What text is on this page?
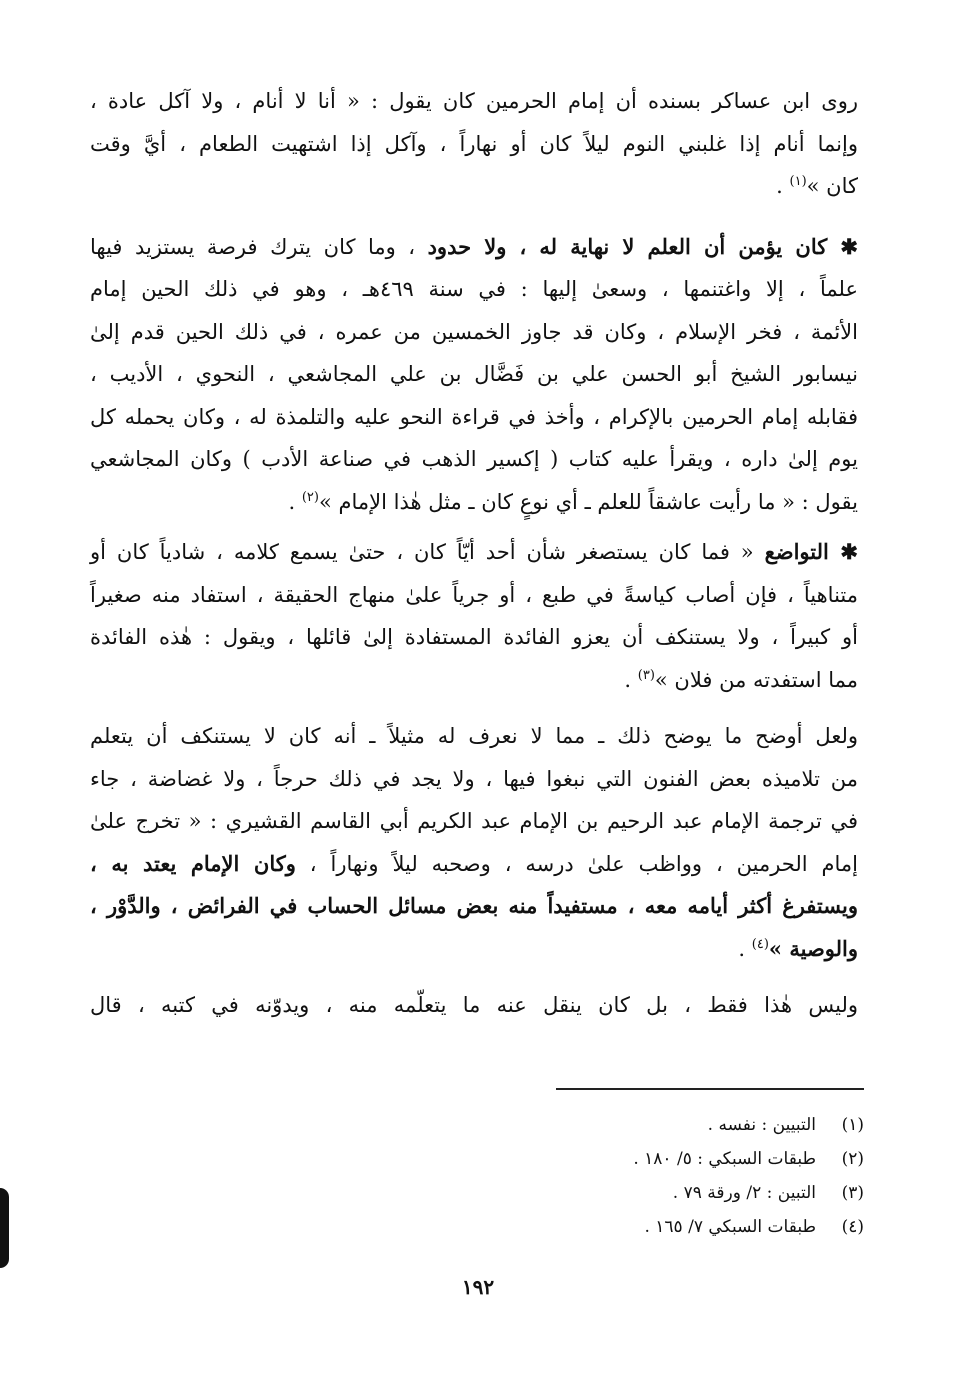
روى ابن عساكر بسنده أن إمام الحرمين كان يقول : « أنا لا أنام ، ولا آكل عادة ،
وإنما أنام إذا غلبني النوم ليلاً كان أو نهاراً ، وآكل إذا اشتهيت الطعام ، أيَّ وقت
كان »$^{(١)}$ .
✱ كان يؤمن أن العلم لا نهاية له ، ولا حدود ، وما كان يترك فرصة يستزيد فيها
علماً ، إلا واغتنمها ، وسعىٰ إليها : في سنة ٤٦٩هـ ، وهو في ذلك الحين إمام
الأئمة ، فخر الإسلام ، وكان قد جاوز الخمسين من عمره ، في ذلك الحين قدم إلىٰ
نيسابور الشيخ أبو الحسن علي بن فَضَّال بن علي المجاشعي ، النحوي ، الأديب ،
فقابله إمام الحرمين بالإكرام ، وأخذ في قراءة النحو عليه والتلمذة له ، وكان يحمله كل
يوم إلىٰ داره ، ويقرأ عليه كتاب ( إكسير الذهب في صناعة الأدب ) وكان المجاشعي
يقول : « ما رأيت عاشقاً للعلم ـ أي نوعٍ كان ـ مثل هٰذا الإمام »$^{(٢)}$ .
✱ التواضع « فما كان يستصغر شأن أحد أيّاً كان ، حتىٰ يسمع كلامه ، شادياً كان أو
متناهياً ، فإن أصاب كياسةً في طبع ، أو جرياً علىٰ منهاج الحقيقة ، استفاد منه صغيراً
أو كبيراً ، ولا يستنكف أن يعزو الفائدة المستفادة إلىٰ قائلها ، ويقول : هٰذه الفائدة
مما استفدته من فلان »$^{(٣)}$ .
ولعل أوضح ما يوضح ذلك ـ مما لا نعرف له مثيلاً ـ أنه كان لا يستنكف أن يتعلم
من تلاميذه بعض الفنون التي نبغوا فيها ، ولا يجد في ذلك حرجاً ، ولا غضاضة ، جاء
في ترجمة الإمام عبد الرحيم بن الإمام عبد الكريم أبي القاسم القشيري : « تخرج علىٰ
إمام الحرمين ، وواظب علىٰ درسه ، وصحبه ليلاً ونهاراً ، وكان الإمام يعتد به ،
ويستفرغ أكثر أيامه معه ، مستفيداً منه بعض مسائل الحساب في الفرائض ، والدَّوْر ،
والوصية »$^{(٤)}$ .
وليس هٰذا فقط ، بل كان ينقل عنه ما يتعلّمه منه ، ويدوّنه في كتبه ، قال
(١)التبيين : نفسه .
(٢)طبقات السبكي : ٥/ ١٨٠ .
(٣)التبين : ٢/ ورقة ٧٩ .
(٤)طبقات السبكي ٧/ ١٦٥ .
١٩٢
